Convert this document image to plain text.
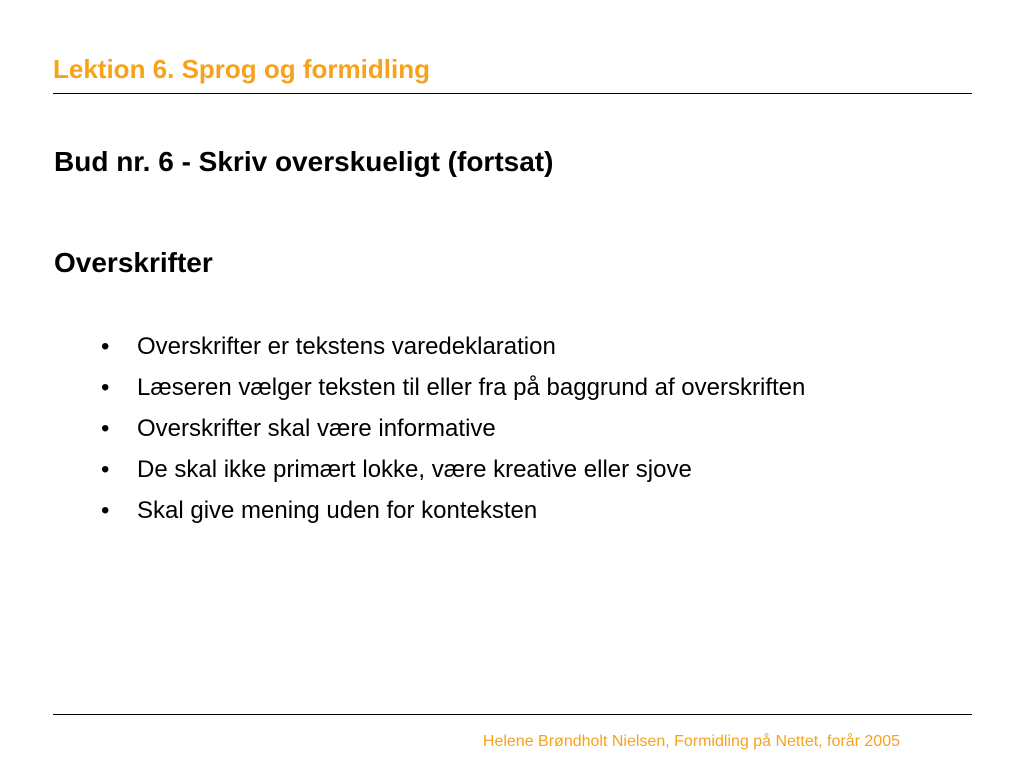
Lektion 6. Sprog og formidling
Bud nr. 6 - Skriv overskueligt (fortsat)
Overskrifter
•	Overskrifter er tekstens varedeklaration
•	Læseren vælger teksten til eller fra på baggrund af overskriften
•	Overskrifter skal være informative
•	De skal ikke primært lokke, være kreative eller sjove
•	Skal give mening uden for konteksten
Helene Brøndholt Nielsen, Formidling på Nettet, forår 2005
